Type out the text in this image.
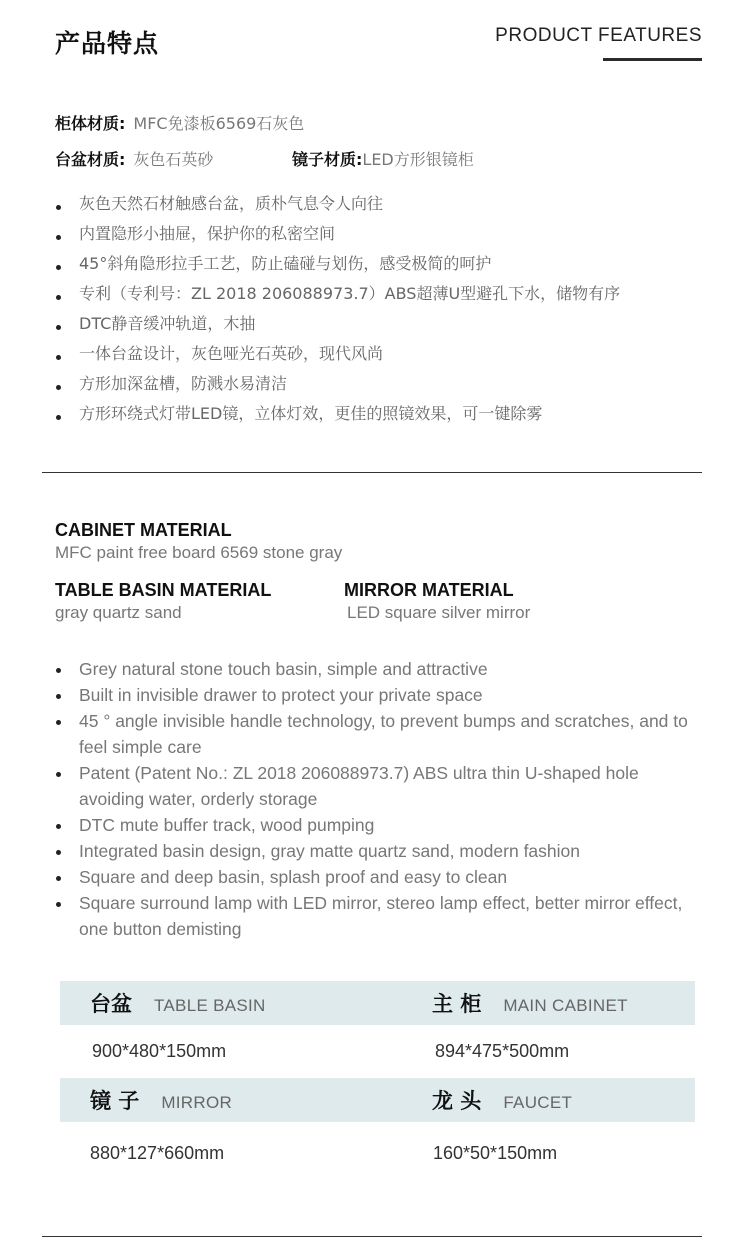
产品特点	PRODUCT FEATURES
柜体材质: MFC免漆板6569石灰色
台盆材质: 灰色石英砂	镜子材质:LED方形银镜柜
灰色天然石材触感台盆，质朴气息令人向往
内置隐形小抽屉，保护你的私密空间
45°斜角隐形拉手工艺，防止磕碰与划伤，感受极简的呵护
专利（专利号：ZL 2018 206088973.7）ABS超薄U型避孔下水，储物有序
DTC静音缓冲轨道，木抽
一体台盆设计，灰色哑光石英砂，现代风尚
方形加深盆槽，防溅水易清洁
方形环绕式灯带LED镜，立体灯效，更佳的照镜效果，可一键除雾
CABINET MATERIAL
MFC paint free board 6569 stone gray
TABLE BASIN MATERIAL
gray quartz sand
MIRROR MATERIAL
LED square silver mirror
Grey natural stone touch basin, simple and attractive
Built in invisible drawer to protect your private space
45 ° angle invisible handle technology, to prevent bumps and scratches, and to feel simple care
Patent (Patent No.: ZL 2018 206088973.7) ABS ultra thin U-shaped hole avoiding water, orderly storage
DTC mute buffer track, wood pumping
Integrated basin design, gray matte quartz sand, modern fashion
Square and deep basin, splash proof and easy to clean
Square surround lamp with LED mirror, stereo lamp effect, better mirror effect, one button demisting
台盆 TABLE BASIN	主 柜 MAIN CABINET
900*480*150mm	894*475*500mm
镜 子 MIRROR	龙 头 FAUCET
880*127*660mm	160*50*150mm
